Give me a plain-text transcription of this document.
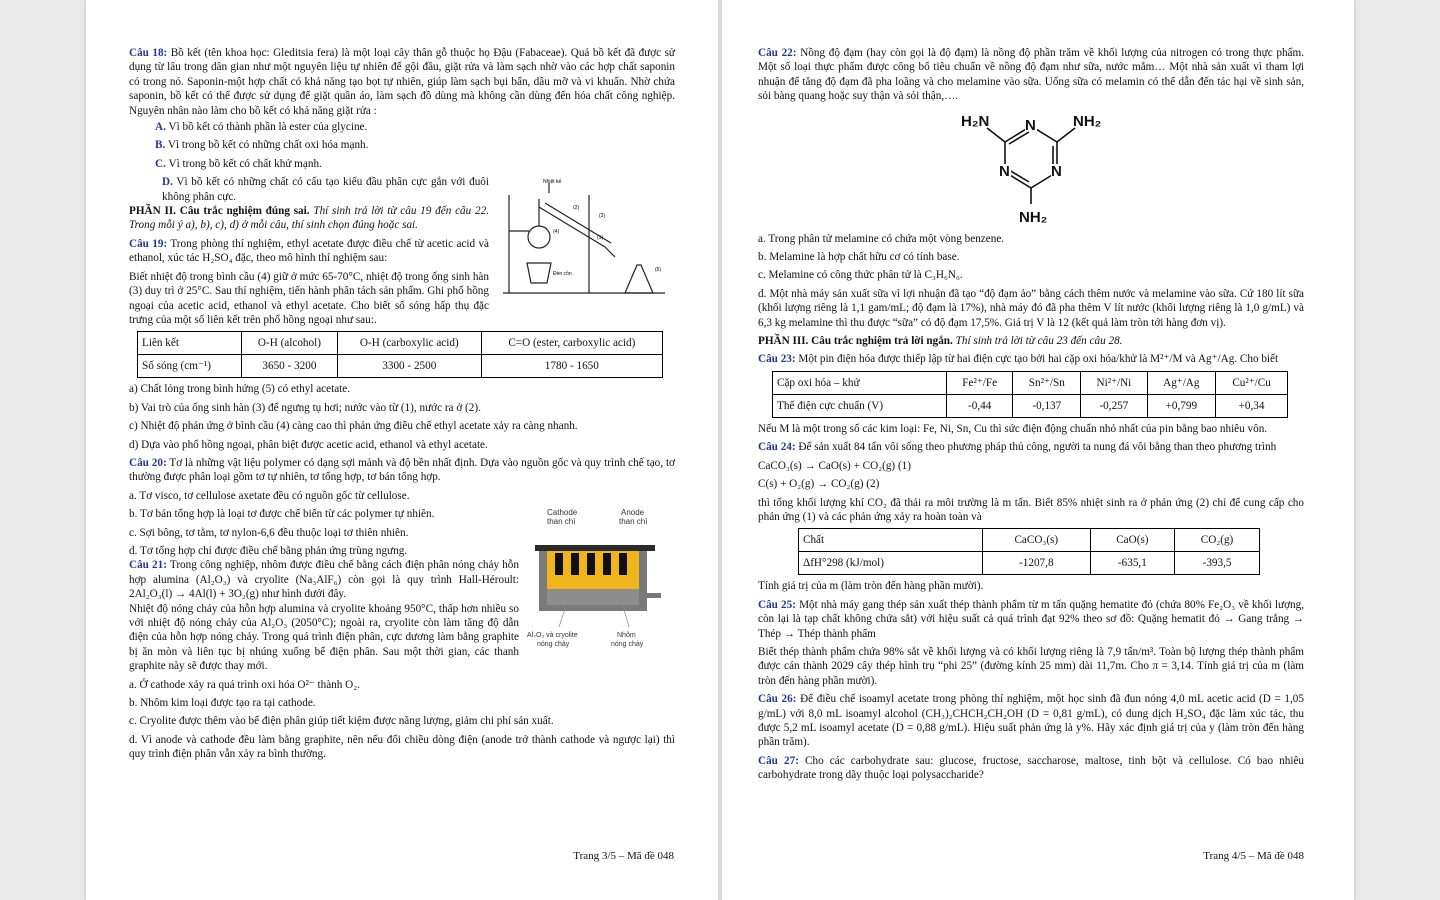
Câu 18: Bồ kết (tên khoa học: Gleditsia fera) là một loại cây thân gỗ thuộc họ Đậu (Fabaceae). Quả bồ kết đã được sử dụng từ lâu trong dân gian như một nguyên liệu tự nhiên để gội đầu, giặt rửa và làm sạch nhờ vào các hợp chất saponin có trong nó. Saponin-một hợp chất có khả năng tạo bọt tự nhiên, giúp làm sạch bụi bẩn, dầu mỡ và vi khuẩn. Nhờ chứa saponin, bồ kết có thể được sử dụng để giặt quần áo, làm sạch đồ dùng mà không cần dùng đến hóa chất công nghiệp. Nguyên nhân nào làm cho bồ kết có khả năng giặt rửa :

A. Vì bồ kết có thành phần là ester của glycine.

B. Vì trong bồ kết có những chất oxi hóa mạnh.

C. Vì trong bồ kết có chất khử mạnh.

Nhiệt kế
(2)
(3)
(4)
(1)
(5)
Đèn cồn

D. Vì bồ kết có những chất có cấu tạo kiểu đầu phân cực gắn với đuôi không phân cực.

PHẦN II. Câu trắc nghiệm đúng sai. Thí sinh trả lời từ câu 19 đến câu 22. Trong mỗi ý a), b), c), d) ở mỗi câu, thí sinh chọn đúng hoặc sai.

Câu 19: Trong phòng thí nghiệm, ethyl acetate được điều chế từ acetic acid và ethanol, xúc tác H₂SO₄ đặc, theo mô hình thí nghiệm sau:

Biết nhiệt độ trong bình cầu (4) giữ ở mức 65-70°C, nhiệt độ trong ống sinh hàn (3) duy trì ở 25°C. Sau thí nghiệm, tiến hành phân tách sản phẩm. Ghi phổ hồng ngoại của acetic acid, ethanol và ethyl acetate. Cho biết số sóng hấp thụ đặc trưng của một số liên kết trên phổ hồng ngoại như sau:.

Liên kết	O-H (alcohol)	O-H (carboxylic acid)	C=O (ester, carboxylic acid)
Số sóng (cm⁻¹)	3650 - 3200	3300 - 2500	1780 - 1650

a) Chất lỏng trong bình hứng (5) có ethyl acetate.

b) Vai trò của ống sinh hàn (3) để ngưng tụ hơi; nước vào từ (1), nước ra ở (2).

c) Nhiệt độ phản ứng ở bình cầu (4) càng cao thì phản ứng điều chế ethyl acetate xảy ra càng nhanh.

d) Dựa vào phổ hồng ngoại, phân biệt được acetic acid, ethanol và ethyl acetate.

Câu 20: Tơ là những vật liệu polymer có dạng sợi mảnh và độ bền nhất định. Dựa vào nguồn gốc và quy trình chế tạo, tơ thường được phân loại gồm tơ tự nhiên, tơ tổng hợp, tơ bán tổng hợp.

a. Tơ visco, tơ cellulose axetate đều có nguồn gốc từ cellulose.

Cathode
than chì
Anode
than chì
Al₂O₃ và cryolite
nóng chảy
Nhôm
nóng chảy

b. Tơ bán tổng hợp là loại tơ được chế biến từ các polymer tự nhiên.

c. Sợi bông, tơ tằm, tơ nylon-6,6 đều thuộc loại tơ thiên nhiên.

d. Tơ tổng hợp chỉ được điều chế bằng phản ứng trùng ngưng.

Câu 21: Trong công nghiệp, nhôm được điều chế bằng cách điện phân nóng chảy hỗn hợp alumina (Al₂O₃) và cryolite (Na₃AlF₆) còn gọi là quy trình Hall-Héroult: 2Al₂O₃(l) → 4Al(l) + 3O₂(g) như hình dưới đây.

Nhiệt độ nóng chảy của hỗn hợp alumina và cryolite khoảng 950°C, thấp hơn nhiều so với nhiệt độ nóng chảy của Al₂O₃ (2050°C); ngoài ra, cryolite còn làm tăng độ dẫn điện của hỗn hợp nóng chảy. Trong quá trình điện phân, cực dương làm bằng graphite bị ăn mòn và liên tục bị nhúng xuống bể điện phân. Sau một thời gian, các thanh graphite này sẽ được thay mới.

a. Ở cathode xảy ra quá trình oxi hóa O²⁻ thành O₂.

b. Nhôm kim loại được tạo ra tại cathode.

c. Cryolite được thêm vào bể điện phân giúp tiết kiệm được năng lượng, giảm chi phí sản xuất.

d. Vì anode và cathode đều làm bằng graphite, nên nếu đổi chiều dòng điện (anode trở thành cathode và ngược lại) thì quy trình điện phân vẫn xảy ra bình thường.

Trang 3/5 – Mã đề 048

Câu 22: Nồng độ đạm (hay còn gọi là độ đạm) là nồng độ phần trăm về khối lượng của nitrogen có trong thực phẩm. Một số loại thực phẩm được công bố tiêu chuẩn về nồng độ đạm như sữa, nước mắm… Một nhà sản xuất vì tham lợi nhuận để tăng độ đạm đã pha loãng và cho melamine vào sữa. Uống sữa có melamin có thể dẫn đến tác hại về sinh sản, sỏi bàng quang hoặc suy thận và sỏi thận,….

N
N	N
H₂N	NH₂
NH₂

a. Trong phân tử melamine có chứa một vòng benzene.

b. Melamine là hợp chất hữu cơ có tính base.

c. Melamine có công thức phân tử là C₃H₆N₆.

d. Một nhà máy sản xuất sữa vì lợi nhuận đã tạo “độ đạm ảo” bằng cách thêm nước và melamine vào sữa. Cứ 180 lít sữa (khối lượng riêng là 1,1 gam/mL; độ đạm là 17%), nhà máy đó đã pha thêm V lít nước (khối lượng riêng là 1,0 g/mL) và 6,3 kg melamine thì thu được “sữa” có độ đạm 17,5%. Giá trị V là 12 (kết quả làm tròn tới hàng đơn vị).

PHẦN III. Câu trắc nghiệm trả lời ngắn. Thí sinh trả lời từ câu 23 đến câu 28.

Câu 23: Một pin điện hóa được thiếp lập từ hai điện cực tạo bởi hai cặp oxi hóa/khử là M²⁺/M và Ag⁺/Ag. Cho biết

Cặp oxi hóa – khử	Fe²⁺/Fe	Sn²⁺/Sn	Ni²⁺/Ni	Ag⁺/Ag	Cu²⁺/Cu
Thế điện cực chuẩn (V)	-0,44	-0,137	-0,257	+0,799	+0,34

Nếu M là một trong số các kim loại: Fe, Ni, Sn, Cu thì sức điện động chuẩn nhỏ nhất của pin bằng bao nhiêu vôn.

Câu 24: Để sản xuất 84 tấn vôi sống theo phương pháp thủ công, người ta nung đá vôi bằng than theo phương trình

CaCO₃(s) → CaO(s) + CO₂(g) (1)

C(s) + O₂(g) → CO₂(g) (2)

thì tổng khối lượng khí CO₂ đã thải ra môi trường là m tấn. Biết 85% nhiệt sinh ra ở phản ứng (2) chỉ để cung cấp cho phản ứng (1) và các phản ứng xảy ra hoàn toàn và

Chất	CaCO₃(s)	CaO(s)	CO₂(g)
ΔfH°298 (kJ/mol)	-1207,8	-635,1	-393,5

Tính giá trị của m (làm tròn đến hàng phần mười).

Câu 25: Một nhà máy gang thép sản xuất thép thành phẩm từ m tấn quặng hematite đỏ (chứa 80% Fe₂O₃ về khối lượng, còn lại là tạp chất không chứa sắt) với hiệu suất cả quá trình đạt 92% theo sơ đồ: Quặng hematit đỏ → Gang trắng → Thép → Thép thành phẩm

Biết thép thành phẩm chứa 98% sắt về khối lượng và có khối lượng riêng là 7,9 tấn/m³. Toàn bộ lượng thép thành phẩm được cán thành 2029 cây thép hình trụ “phi 25” (đường kính 25 mm) dài 11,7m. Cho π = 3,14. Tính giá trị của m (làm tròn đến hàng phần mười).

Câu 26: Để điều chế isoamyl acetate trong phòng thí nghiệm, một học sinh đã đun nóng 4,0 mL acetic acid (D = 1,05 g/mL) với 8,0 mL isoamyl alcohol (CH₃)₂CHCH₂CH₂OH (D = 0,81 g/mL), có dung dịch H₂SO₄ đặc làm xúc tác, thu được 5,2 mL isoamyl acetate (D = 0,88 g/mL). Hiệu suất phản ứng là y%. Hãy xác định giá trị của y (làm tròn đến hàng phần trăm).

Câu 27: Cho các carbohydrate sau: glucose, fructose, saccharose, maltose, tinh bột và cellulose. Có bao nhiêu carbohydrate trong dãy thuộc loại polysaccharide?

Trang 4/5 – Mã đề 048
